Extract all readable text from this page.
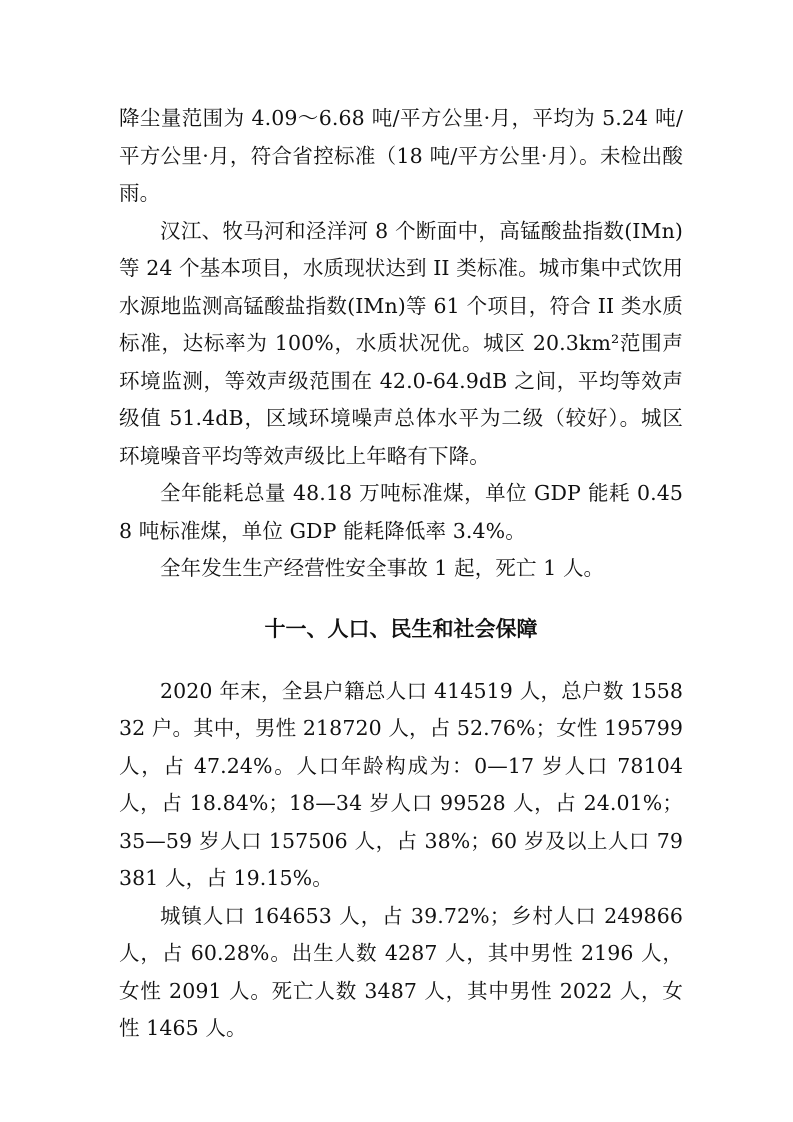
降尘量范围为 4.09～6.68 吨/平方公里·月，平均为 5.24 吨/平方公里·月，符合省控标准（18 吨/平方公里·月）。未检出酸雨。

汉江、牧马河和泾洋河 8 个断面中，高锰酸盐指数(IMn) 等 24 个基本项目，水质现状达到 II 类标准。城市集中式饮用水源地监测高锰酸盐指数(IMn)等 61 个项目，符合 II 类水质标准，达标率为 100%，水质状况优。城区 20.3km²范围声环境监测，等效声级范围在 42.0-64.9dB 之间，平均等效声级值 51.4dB，区域环境噪声总体水平为二级（较好）。城区环境噪音平均等效声级比上年略有下降。

全年能耗总量 48.18 万吨标准煤，单位 GDP 能耗 0.458 吨标准煤，单位 GDP 能耗降低率 3.4%。

全年发生生产经营性安全事故 1 起，死亡 1 人。

十一、人口、民生和社会保障

2020 年末，全县户籍总人口 414519 人，总户数 155832 户。其中，男性 218720 人，占 52.76%；女性 195799 人，占 47.24%。人口年龄构成为：0—17 岁人口 78104 人，占 18.84%；18—34 岁人口 99528 人，占 24.01%；35—59 岁人口 157506 人，占 38%；60 岁及以上人口 79381 人，占 19.15%。

城镇人口 164653 人，占 39.72%；乡村人口 249866 人，占 60.28%。出生人数 4287 人，其中男性 2196 人，女性 2091 人。死亡人数 3487 人，其中男性 2022 人，女性 1465 人。
